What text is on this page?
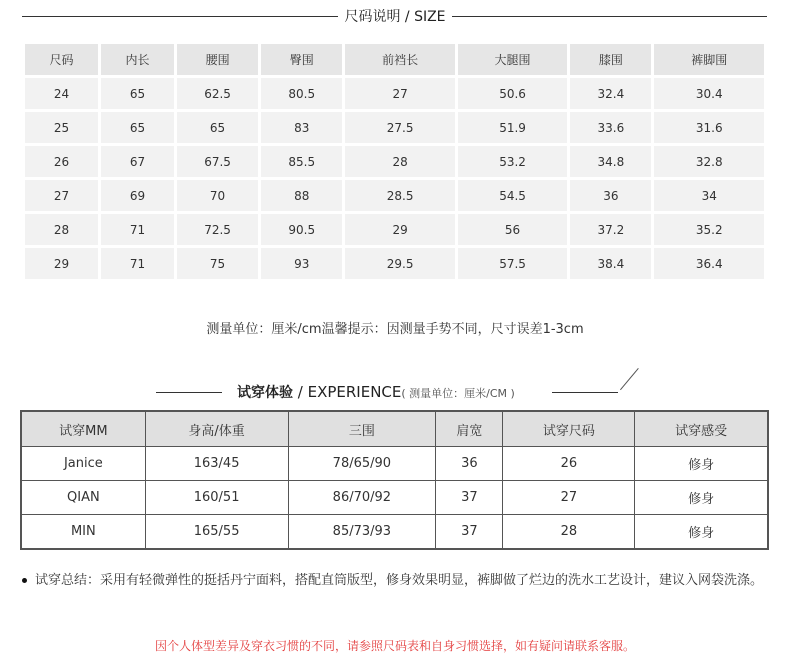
尺码说明 / SIZE
尺码	内长	腰围	臀围	前裆长	大腿围	膝围	裤脚围
24	65	62.5	80.5	27	50.6	32.4	30.4
25	65	65	83	27.5	51.9	33.6	31.6
26	67	67.5	85.5	28	53.2	34.8	32.8
27	69	70	88	28.5	54.5	36	34
28	71	72.5	90.5	29	56	37.2	35.2
29	71	75	93	29.5	57.5	38.4	36.4
测量单位：厘米/cm温馨提示：因测量手势不同，尺寸误差1-3cm
试穿体验 / EXPERIENCE( 测量单位：厘米/CM )
试穿MM	身高/体重	三围	肩宽	试穿尺码	试穿感受
Janice	163/45	78/65/90	36	26	修身
QIAN	160/51	86/70/92	37	27	修身
MIN	165/55	85/73/93	37	28	修身
试穿总结：采用有轻微弹性的挺括丹宁面料，搭配直筒版型，修身效果明显，裤脚做了烂边的洗水工艺设计，建议入网袋洗涤。
因个人体型差异及穿衣习惯的不同，请参照尺码表和自身习惯选择，如有疑问请联系客服。
